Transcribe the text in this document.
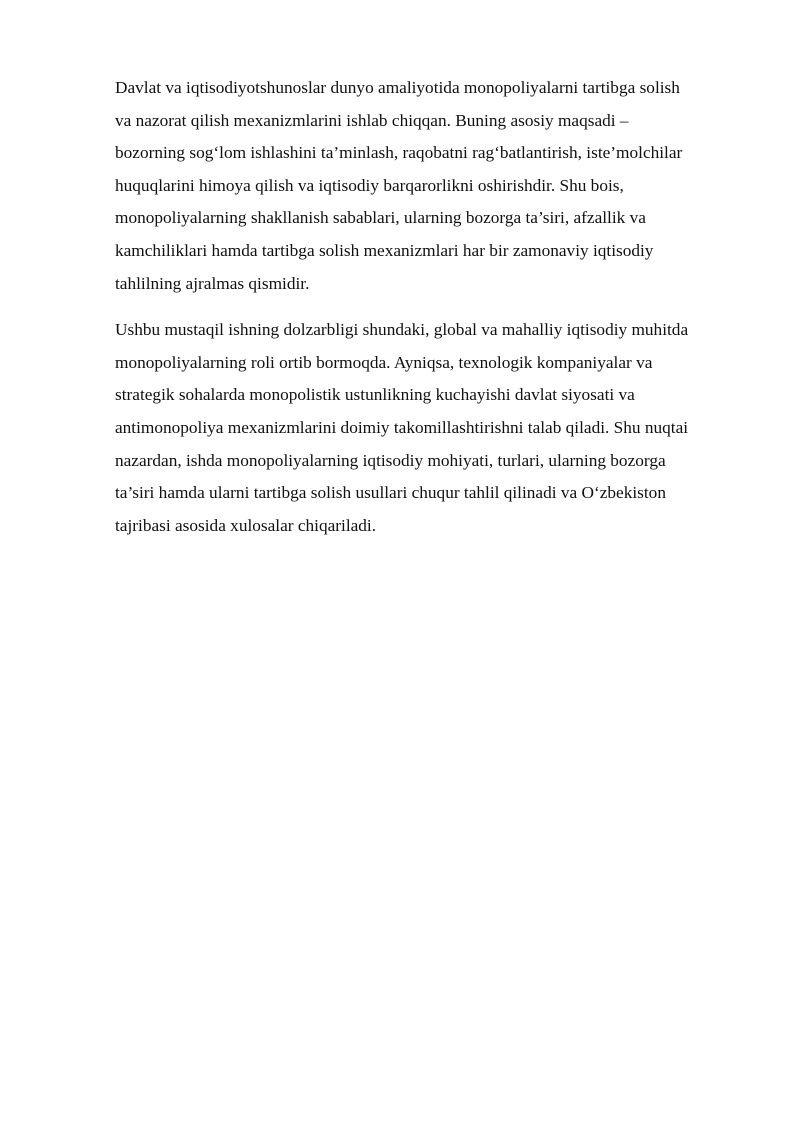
Davlat va iqtisodiyotshunoslar dunyo amaliyotida monopoliyalarni tartibga solish
va nazorat qilish mexanizmlarini ishlab chiqqan. Buning asosiy maqsadi –
bozorning sog‘lom ishlashini ta’minlash, raqobatni rag‘batlantirish, iste’molchilar
huquqlarini himoya qilish va iqtisodiy barqarorlikni oshirishdir. Shu bois,
monopoliyalarning shakllanish sabablari, ularning bozorga ta’siri, afzallik va
kamchiliklari hamda tartibga solish mexanizmlari har bir zamonaviy iqtisodiy
tahlilning ajralmas qismidir.

Ushbu mustaqil ishning dolzarbligi shundaki, global va mahalliy iqtisodiy muhitda
monopoliyalarning roli ortib bormoqda. Ayniqsa, texnologik kompaniyalar va
strategik sohalarda monopolistik ustunlikning kuchayishi davlat siyosati va
antimonopoliya mexanizmlarini doimiy takomillashtirishni talab qiladi. Shu nuqtai
nazardan, ishda monopoliyalarning iqtisodiy mohiyati, turlari, ularning bozorga
ta’siri hamda ularni tartibga solish usullari chuqur tahlil qilinadi va O‘zbekiston
tajribasi asosida xulosalar chiqariladi.
